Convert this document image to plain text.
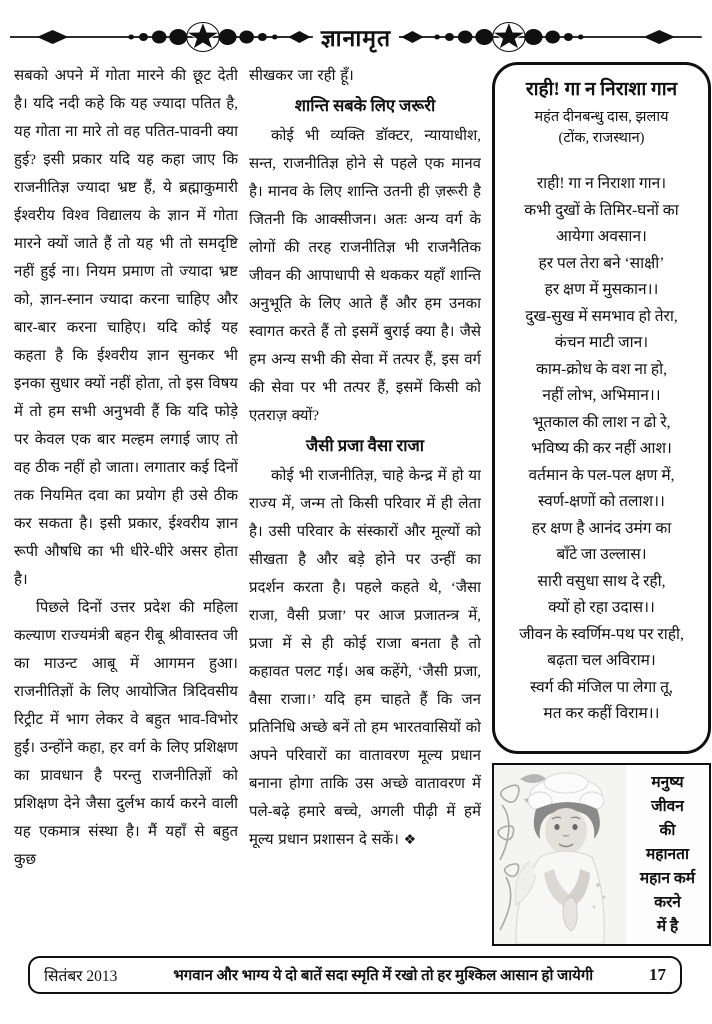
ज्ञानामृत

सबको अपने में गोता मारने की छूट देती है। यदि नदी कहे कि यह ज्यादा पतित है, यह गोता ना मारे तो वह पतित-पावनी क्या हुई? इसी प्रकार यदि यह कहा जाए कि राजनीतिज्ञ ज्यादा भ्रष्ट हैं, ये ब्रह्माकुमारी ईश्वरीय विश्व विद्यालय के ज्ञान में गोता मारने क्यों जाते हैं तो यह भी तो समदृष्टि नहीं हुई ना। नियम प्रमाण तो ज्यादा भ्रष्ट को, ज्ञान-स्नान ज्यादा करना चाहिए और बार-बार करना चाहिए। यदि कोई यह कहता है कि ईश्वरीय ज्ञान सुनकर भी इनका सुधार क्यों नहीं होता, तो इस विषय में तो हम सभी अनुभवी हैं कि यदि फोड़े पर केवल एक बार मल्हम लगाई जाए तो वह ठीक नहीं हो जाता। लगातार कई दिनों तक नियमित दवा का प्रयोग ही उसे ठीक कर सकता है। इसी प्रकार, ईश्वरीय ज्ञान रूपी औषधि का भी धीरे-धीरे असर होता है।

पिछले दिनों उत्तर प्रदेश की महिला कल्याण राज्यमंत्री बहन रीबू श्रीवास्तव जी का माउन्ट आबू में आगमन हुआ। राजनीतिज्ञों के लिए आयोजित त्रिदिवसीय रिट्रीट में भाग लेकर वे बहुत भाव-विभोर हुईं। उन्होंने कहा, हर वर्ग के लिए प्रशिक्षण का प्रावधान है परन्तु राजनीतिज्ञों को प्रशिक्षण देने जैसा दुर्लभ कार्य करने वाली यह एकमात्र संस्था है। मैं यहाँ से बहुत कुछ

सीखकर जा रही हूँ।

शान्ति सबके लिए जरूरी

कोई भी व्यक्ति डॉक्टर, न्यायाधीश, सन्त, राजनीतिज्ञ होने से पहले एक मानव है। मानव के लिए शान्ति उतनी ही ज़रूरी है जितनी कि आक्सीजन। अतः अन्य वर्ग के लोगों की तरह राजनीतिज्ञ भी राजनैतिक जीवन की आपाधापी से थककर यहाँ शान्ति अनुभूति के लिए आते हैं और हम उनका स्वागत करते हैं तो इसमें बुराई क्या है। जैसे हम अन्य सभी की सेवा में तत्पर हैं, इस वर्ग की सेवा पर भी तत्पर हैं, इसमें किसी को एतराज़ क्यों?

जैसी प्रजा वैसा राजा

कोई भी राजनीतिज्ञ, चाहे केन्द्र में हो या राज्य में, जन्म तो किसी परिवार में ही लेता है। उसी परिवार के संस्कारों और मूल्यों को सीखता है और बड़े होने पर उन्हीं का प्रदर्शन करता है। पहले कहते थे, ‘जैसा राजा, वैसी प्रजा’ पर आज प्रजातन्त्र में, प्रजा में से ही कोई राजा बनता है तो कहावत पलट गई। अब कहेंगे, ‘जैसी प्रजा, वैसा राजा।’ यदि हम चाहते हैं कि जन प्रतिनिधि अच्छे बनें तो हम भारतवासियों को अपने परिवारों का वातावरण मूल्य प्रधान बनाना होगा ताकि उस अच्छे वातावरण में पले-बढ़े हमारे बच्चे, अगली पीढ़ी में हमें मूल्य प्रधान प्रशासन दे सकें। ❖

राही! गा न निराशा गान
महंत दीनबन्धु दास, झलाय
(टोंक, राजस्थान)
राही! गा न निराशा गान।
कभी दुखों के तिमिर-घनों का
आयेगा अवसान।
हर पल तेरा बने ‘साक्षी’
हर क्षण में मुसकान।।
दुख-सुख में समभाव हो तेरा,
कंचन माटी जान।
काम-क्रोध के वश ना हो,
नहीं लोभ, अभिमान।।
भूतकाल की लाश न ढो रे,
भविष्य की कर नहीं आश।
वर्तमान के पल-पल क्षण में,
स्वर्ण-क्षणों को तलाश।।
हर क्षण है आनंद उमंग का
बाँटे जा उल्लास।
सारी वसुधा साथ दे रही,
क्यों हो रहा उदास।।
जीवन के स्वर्णिम-पथ पर राही,
बढ़ता चल अविराम।
स्वर्ग की मंजिल पा लेगा तू,
मत कर कहीं विराम।।
मनुष्य
जीवन
की
महानता
महान कर्म
करने
में है
सितंबर 2013	भगवान और भाग्य ये दो बातें सदा स्मृति में रखो तो हर मुश्किल आसान हो जायेगी	17
